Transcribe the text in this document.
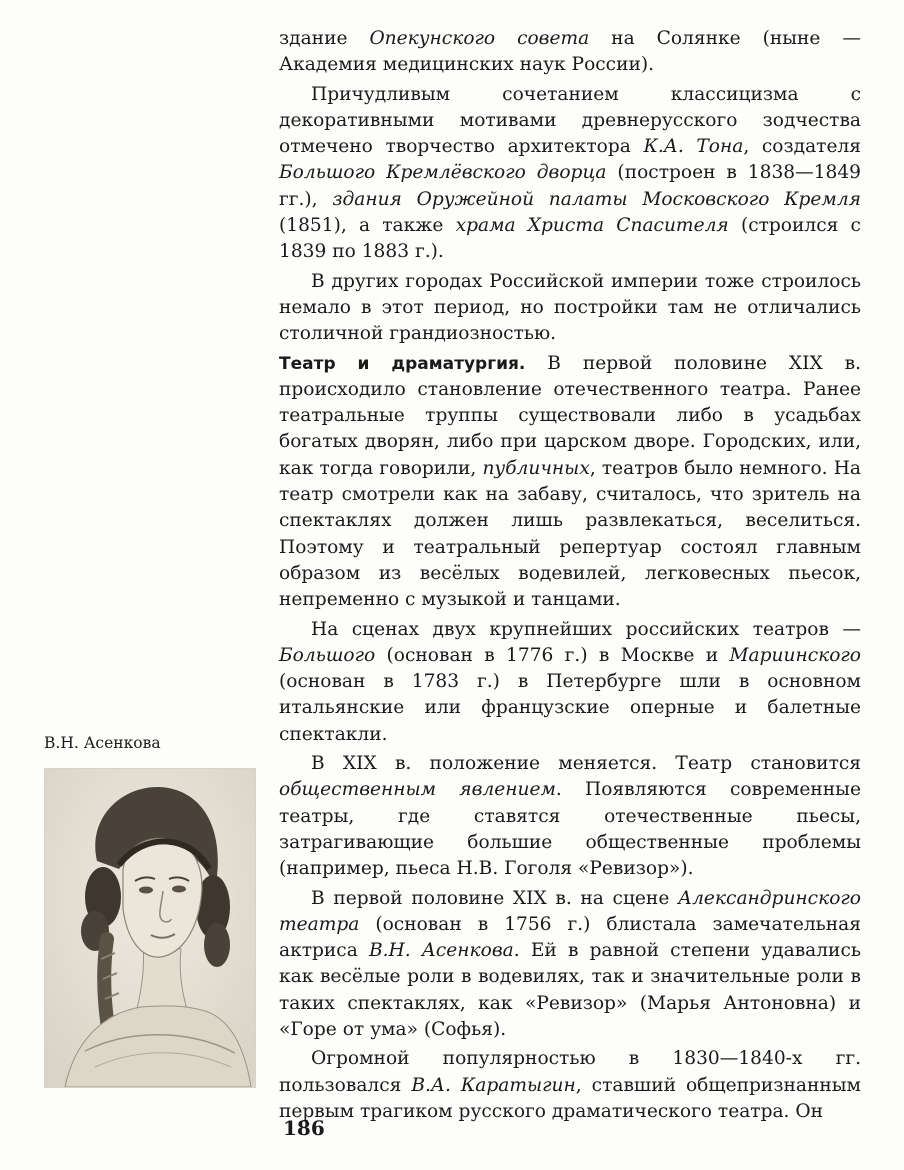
здание Опекунского совета на Солянке (ныне — Академия медицинских наук России).

Причудливым сочетанием классицизма с декоративными мотивами древнерусского зодчества отмечено творчество архитектора К.А. Тона, создателя Большого Кремлёвского дворца (построен в 1838—1849 гг.), здания Оружейной палаты Московского Кремля (1851), а также храма Христа Спасителя (строился с 1839 по 1883 г.).

В других городах Российской империи тоже строилось немало в этот период, но постройки там не отличались столичной грандиозностью.

Театр и драматургия. В первой половине XIX в. происходило становление отечественного театра. Ранее театральные труппы существовали либо в усадьбах богатых дворян, либо при царском дворе. Городских, или, как тогда говорили, публичных, театров было немного. На театр смотрели как на забаву, считалось, что зритель на спектаклях должен лишь развлекаться, веселиться. Поэтому и театральный репертуар состоял главным образом из весёлых водевилей, легковесных пьесок, непременно с музыкой и танцами.

На сценах двух крупнейших российских театров — Большого (основан в 1776 г.) в Москве и Мариинского (основан в 1783 г.) в Петербурге шли в основном итальянские или французские оперные и балетные спектакли.

В XIX в. положение меняется. Театр становится общественным явлением. Появляются современные театры, где ставятся отечественные пьесы, затрагивающие большие общественные проблемы (например, пьеса Н.В. Гоголя «Ревизор»).

В первой половине XIX в. на сцене Александринского театра (основан в 1756 г.) блистала замечательная актриса В.Н. Асенкова. Ей в равной степени удавались как весёлые роли в водевилях, так и значительные роли в таких спектаклях, как «Ревизор» (Марья Антоновна) и «Горе от ума» (Софья).

Огромной популярностью в 1830—1840-х гг. пользовался В.А. Каратыгин, ставший общепризнанным первым трагиком русского драматического театра. Он

В.Н. Асенкова
186
